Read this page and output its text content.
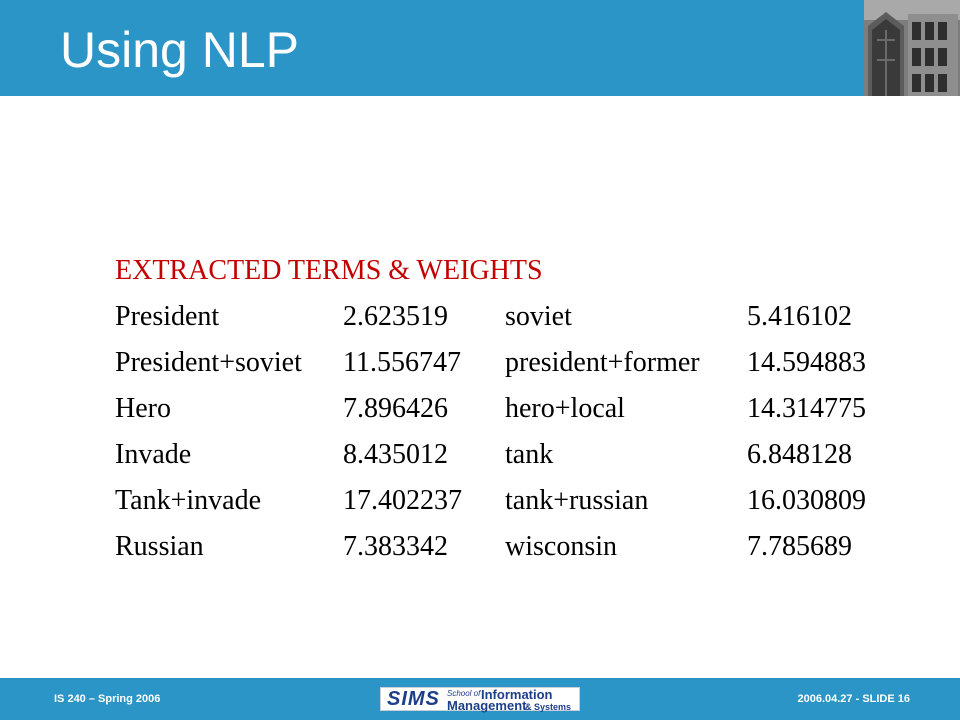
Using NLP
EXTRACTED TERMS & WEIGHTS
President	2.623519 soviet	5.416102
President+soviet 11.556747 president+former 14.594883
Hero	7.896426 hero+local	14.314775
Invade	8.435012 tank	6.848128
Tank+invade	17.402237 tank+russian	16.030809
Russian	7.383342 wisconsin	7.785689
IS 240 – Spring 2006	SIMS School of Information
Management
& Systems
2006.04.27 - SLIDE 16
